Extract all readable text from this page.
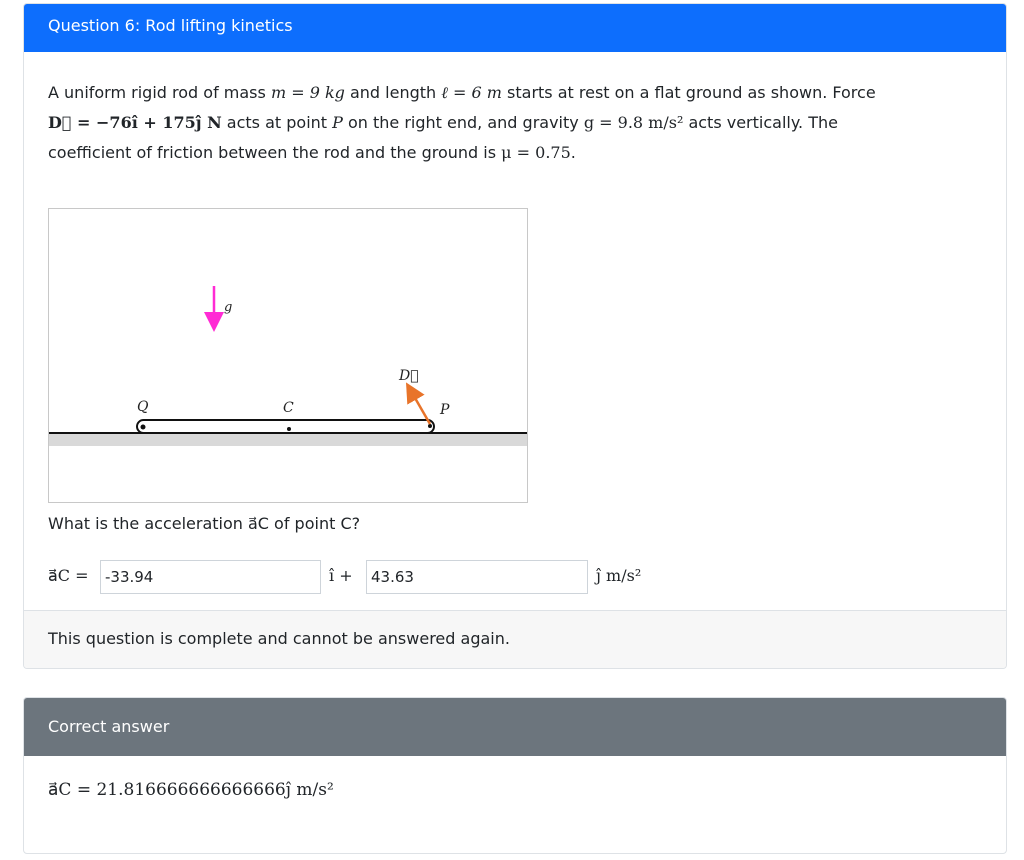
Question 6: Rod lifting kinetics
A uniform rigid rod of mass m = 9 kg and length ℓ = 6 m starts at rest on a flat ground as shown. Force
D⃗ = −76ı̂ + 175ȷ̂ N acts at point P on the right end, and gravity g = 9.8 m/s² acts vertically. The
coefficient of friction between the rod and the ground is μ = 0.75.
g
Q	C	P
D⃗
What is the acceleration a⃗C of point C?
a⃗C =
-33.94	ı̂ +
43.63	ȷ̂ m/s²
This question is complete and cannot be answered again.
Correct answer
a⃗C = 21.816666666666666ȷ̂ m/s²
